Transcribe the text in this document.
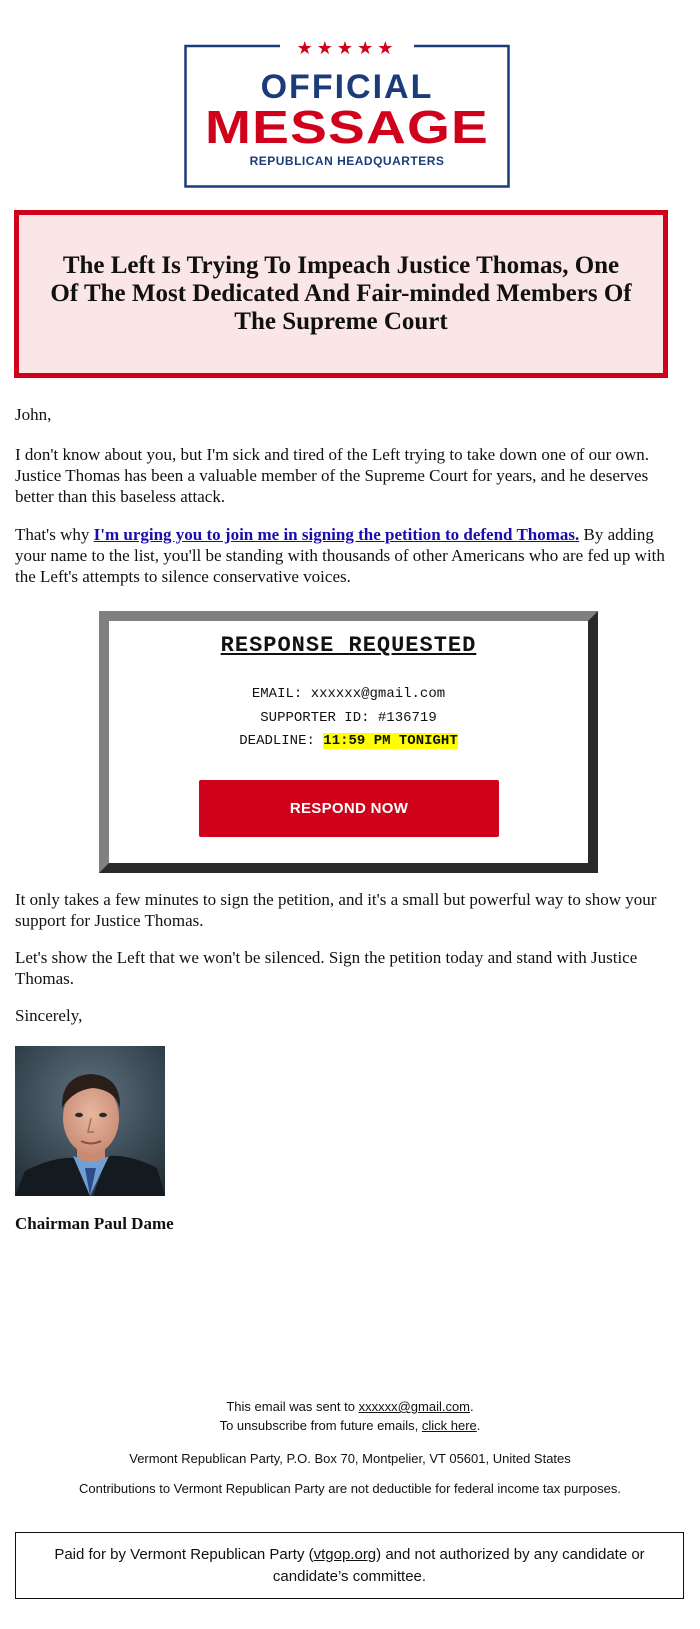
★★★★★
OFFICIAL
MESSAGE
REPUBLICAN HEADQUARTERS
The Left Is Trying To Impeach Justice Thomas, One Of The Most Dedicated And Fair-minded Members Of The Supreme Court

John,

I don't know about you, but I'm sick and tired of the Left trying to take down one of our own. Justice Thomas has been a valuable member of the Supreme Court for years, and he deserves better than this baseless attack.

That's why I'm urging you to join me in signing the petition to defend Thomas. By adding your name to the list, you'll be standing with thousands of other Americans who are fed up with the Left's attempts to silence conservative voices.

RESPONSE REQUESTED
EMAIL: xxxxxx@gmail.com
SUPPORTER ID: #136719
DEADLINE: 11:59 PM TONIGHT
RESPOND NOW

It only takes a few minutes to sign the petition, and it's a small but powerful way to show your support for Justice Thomas.

Let's show the Left that we won't be silenced. Sign the petition today and stand with Justice Thomas.

Sincerely,

Chairman Paul Dame

This email was sent to xxxxxx@gmail.com.
To unsubscribe from future emails, click here.
Vermont Republican Party, P.O. Box 70, Montpelier, VT 05601, United States
Contributions to Vermont Republican Party are not deductible for federal income tax purposes.
Paid for by Vermont Republican Party (vtgop.org) and not authorized by any candidate or candidate’s committee.
